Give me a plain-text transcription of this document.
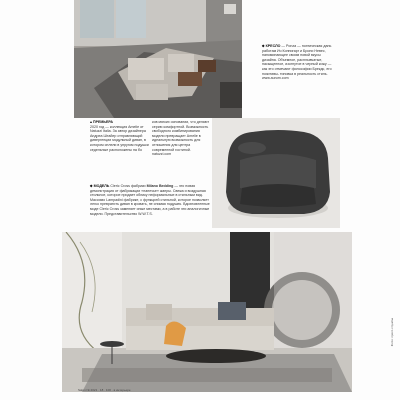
КРЕСЛО — Ponza — поэтическая дань работам Ич Коппигарг и Брони Невес, напоминающее своим новой вкусы дизайна. Объемное, расплывчатые, насыщенное, изогнутое в черный кожу — как это отмечают философии Брекдс, его позитивы- тиновка в реальность стиль. www.aurum.com

ПРЕМЬЕРА
2020 год — коллекция Amelie от Natuzzi Italia. За автор дизайнера Андреа Штайер отправляющий дивергенции модульный диван, в котором сплели в упругом подушки седельные расположены на бо

ков мягких основании, что делают серию комфортной. Возможность свободного комбинирования модели превращает Amelie в идеальную возможность для отношения для центра современной гостиной. natuzzi.com

МОДЕЛЬ Cleric Cross фабрики Milano Bedding — это новая демонстрация от фабрикации «нанечье» жанры. Свежа и воздушная стильное, которое придает облику неформальные в стильным вид. Массимо Lampadini фабрике, с функцией стильной, которое позволяет легко превратить диван в кровать, не снимая подушек. Вдохновленные моде Cleric Cross заменяет иные местами, а в работе эти аналогичные модели. Представительство W.W.T.S.

Фото: пресс-службы
Salon № 2021 · 18 · 100 · в интерьере
